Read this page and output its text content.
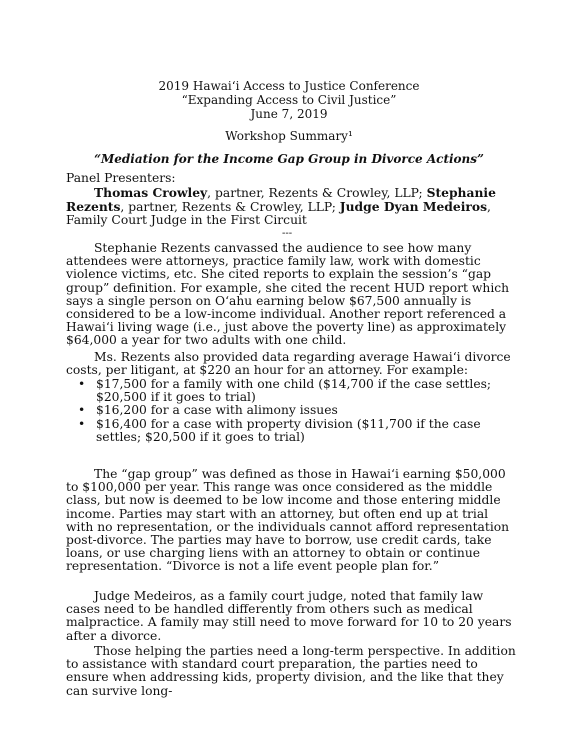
2019 Hawaiʻi Access to Justice Conference
“Expanding Access to Civil Justice”
June 7, 2019
Workshop Summary¹
“Mediation for the Income Gap Group in Divorce Actions”
Panel Presenters:
Thomas Crowley, partner, Rezents & Crowley, LLP; Stephanie Rezents, partner, Rezents & Crowley, LLP; Judge Dyan Medeiros, Family Court Judge in the First Circuit
---
Stephanie Rezents canvassed the audience to see how many attendees were attorneys, practice family law, work with domestic violence victims, etc. She cited reports to explain the session’s “gap group” definition. For example, she cited the recent HUD report which says a single person on O‘ahu earning below $67,500 annually is considered to be a low-income individual. Another report referenced a Hawaiʻi living wage (i.e., just above the poverty line) as approximately $64,000 a year for two adults with one child.
Ms. Rezents also provided data regarding average Hawaiʻi divorce costs, per litigant, at $220 an hour for an attorney. For example:
• $17,500 for a family with one child ($14,700 if the case settles; $20,500 if it goes to trial)
• $16,200 for a case with alimony issues
• $16,400 for a case with property division ($11,700 if the case settles; $20,500 if it goes to trial)
The “gap group” was defined as those in Hawaiʻi earning $50,000 to $100,000 per year. This range was once considered as the middle class, but now is deemed to be low income and those entering middle income. Parties may start with an attorney, but often end up at trial with no representation, or the individuals cannot afford representation post-divorce. The parties may have to borrow, use credit cards, take loans, or use charging liens with an attorney to obtain or continue representation. “Divorce is not a life event people plan for.”
Judge Medeiros, as a family court judge, noted that family law cases need to be handled differently from others such as medical malpractice. A family may still need to move forward for 10 to 20 years after a divorce.
Those helping the parties need a long-term perspective. In addition to assistance with standard court preparation, the parties need to ensure when addressing kids, property division, and the like that they can survive long-
